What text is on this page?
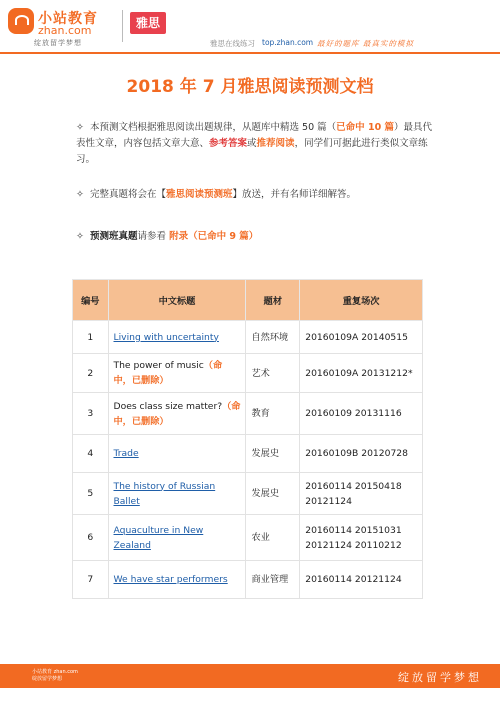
小站教育
zhan.com
绽放留学梦想
雅思
雅思在线练习 top.zhan.com 最好的题库 最真实的模拟
2018 年 7 月雅思阅读预测文档
✧ 本预测文档根据雅思阅读出题规律，从题库中精选 50 篇（已命中 10 篇）最具代表性文章，内容包括文章大意、参考答案或推荐阅读，同学们可据此进行类似文章练习。
✧ 完整真题将会在【雅思阅读预测班】放送，并有名师详细解答。
✧ 预测班真题请参看 附录（已命中 9 篇）
编号	中文标题	题材	重复场次
1	Living with uncertainty	自然环境	20160109A 20140515
2	The power of music（命中，已删除）	艺术	20160109A 20131212*
3	Does class size matter?（命中，已删除）	教育	20160109 20131116
4	Trade	发展史	20160109B 20120728
5	The history of Russian Ballet	发展史	20160114 20150418 20121124
6	Aquaculture in New Zealand	农业	20160114 20151031 20121124 20110212
7	We have star performers	商业管理	20160114 20121124
小站教育 zhan.com
绽放留学梦想	绽放留学梦想
